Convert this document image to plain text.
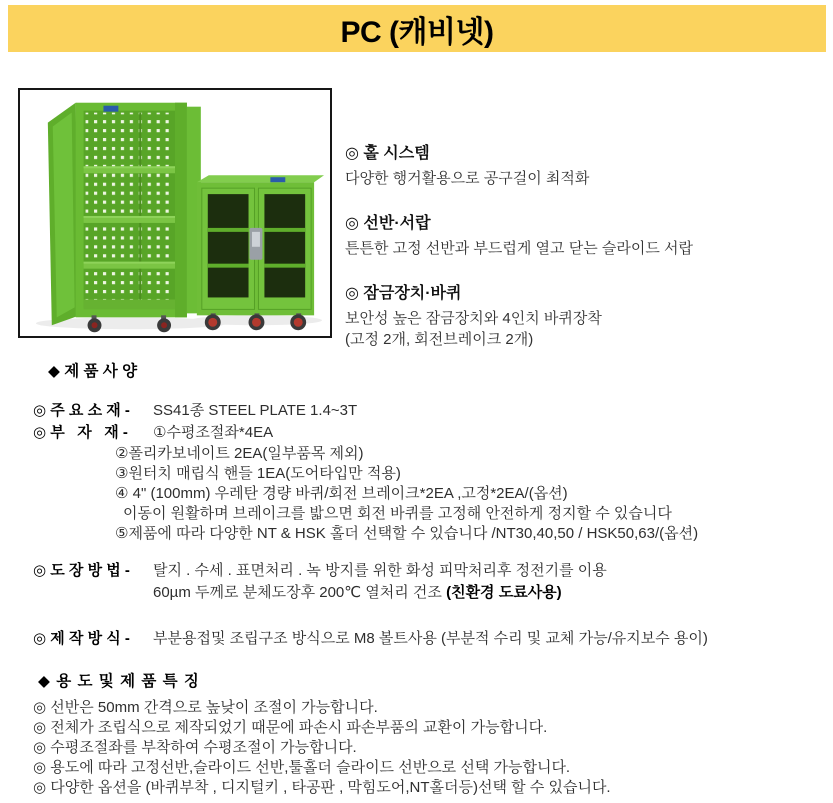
PC (캐비넷)
◎ 홀 시스템
다양한 행거활용으로 공구걸이 최적화
◎ 선반·서랍
튼튼한 고정 선반과 부드럽게 열고 닫는 슬라이드 서랍
◎ 잠금장치·바퀴
보안성 높은 잠금장치와 4인치 바퀴장착
(고정 2개, 회전브레이크 2개)
◆ 제 품 사 양
◎ 주 요 소 재 -	SS41종 STEEL PLATE 1.4~3T
◎ 부   자   재 -	①수평조절좌*4EA
②폴리카보네이트 2EA(일부품목 제외)
③원터치 매립식 핸들 1EA(도어타입만 적용)
④ 4" (100mm) 우레탄 경량 바퀴/회전 브레이크*2EA ,고정*2EA/(옵션)
이동이 원활하며 브레이크를 밟으면 회전 바퀴를 고정해 안전하게 정지할 수 있습니다
⑤제품에 따라 다양한 NT & HSK 홀더 선택할 수 있습니다 /NT30,40,50 / HSK50,63/(옵션)
◎ 도 장 방 법 -	탈지 . 수세 . 표면처리 . 녹 방지를 위한 화성 피막처리후 정전기를 이용
60µm 두께로 분체도장후 200℃ 열처리 건조 (친환경 도료사용)
◎ 제 작 방 식 -	부분용접및 조립구조 방식으로 M8 볼트사용 (부분적 수리 및 교체 가능/유지보수 용이)
◆ 용 도 및 제 품 특 징
◎ 선반은 50mm 간격으로 높낮이 조절이 가능합니다.
◎ 전체가 조립식으로 제작되었기 때문에 파손시 파손부품의 교환이 가능합니다.
◎ 수평조절좌를 부착하여 수평조절이 가능합니다.
◎ 용도에 따라 고정선반,슬라이드 선반,툴홀더 슬라이드 선반으로 선택 가능합니다.
◎ 다양한 옵션을 (바퀴부착 , 디지털키 , 타공판 , 막힘도어,NT홀더등)선택 할 수 있습니다.
